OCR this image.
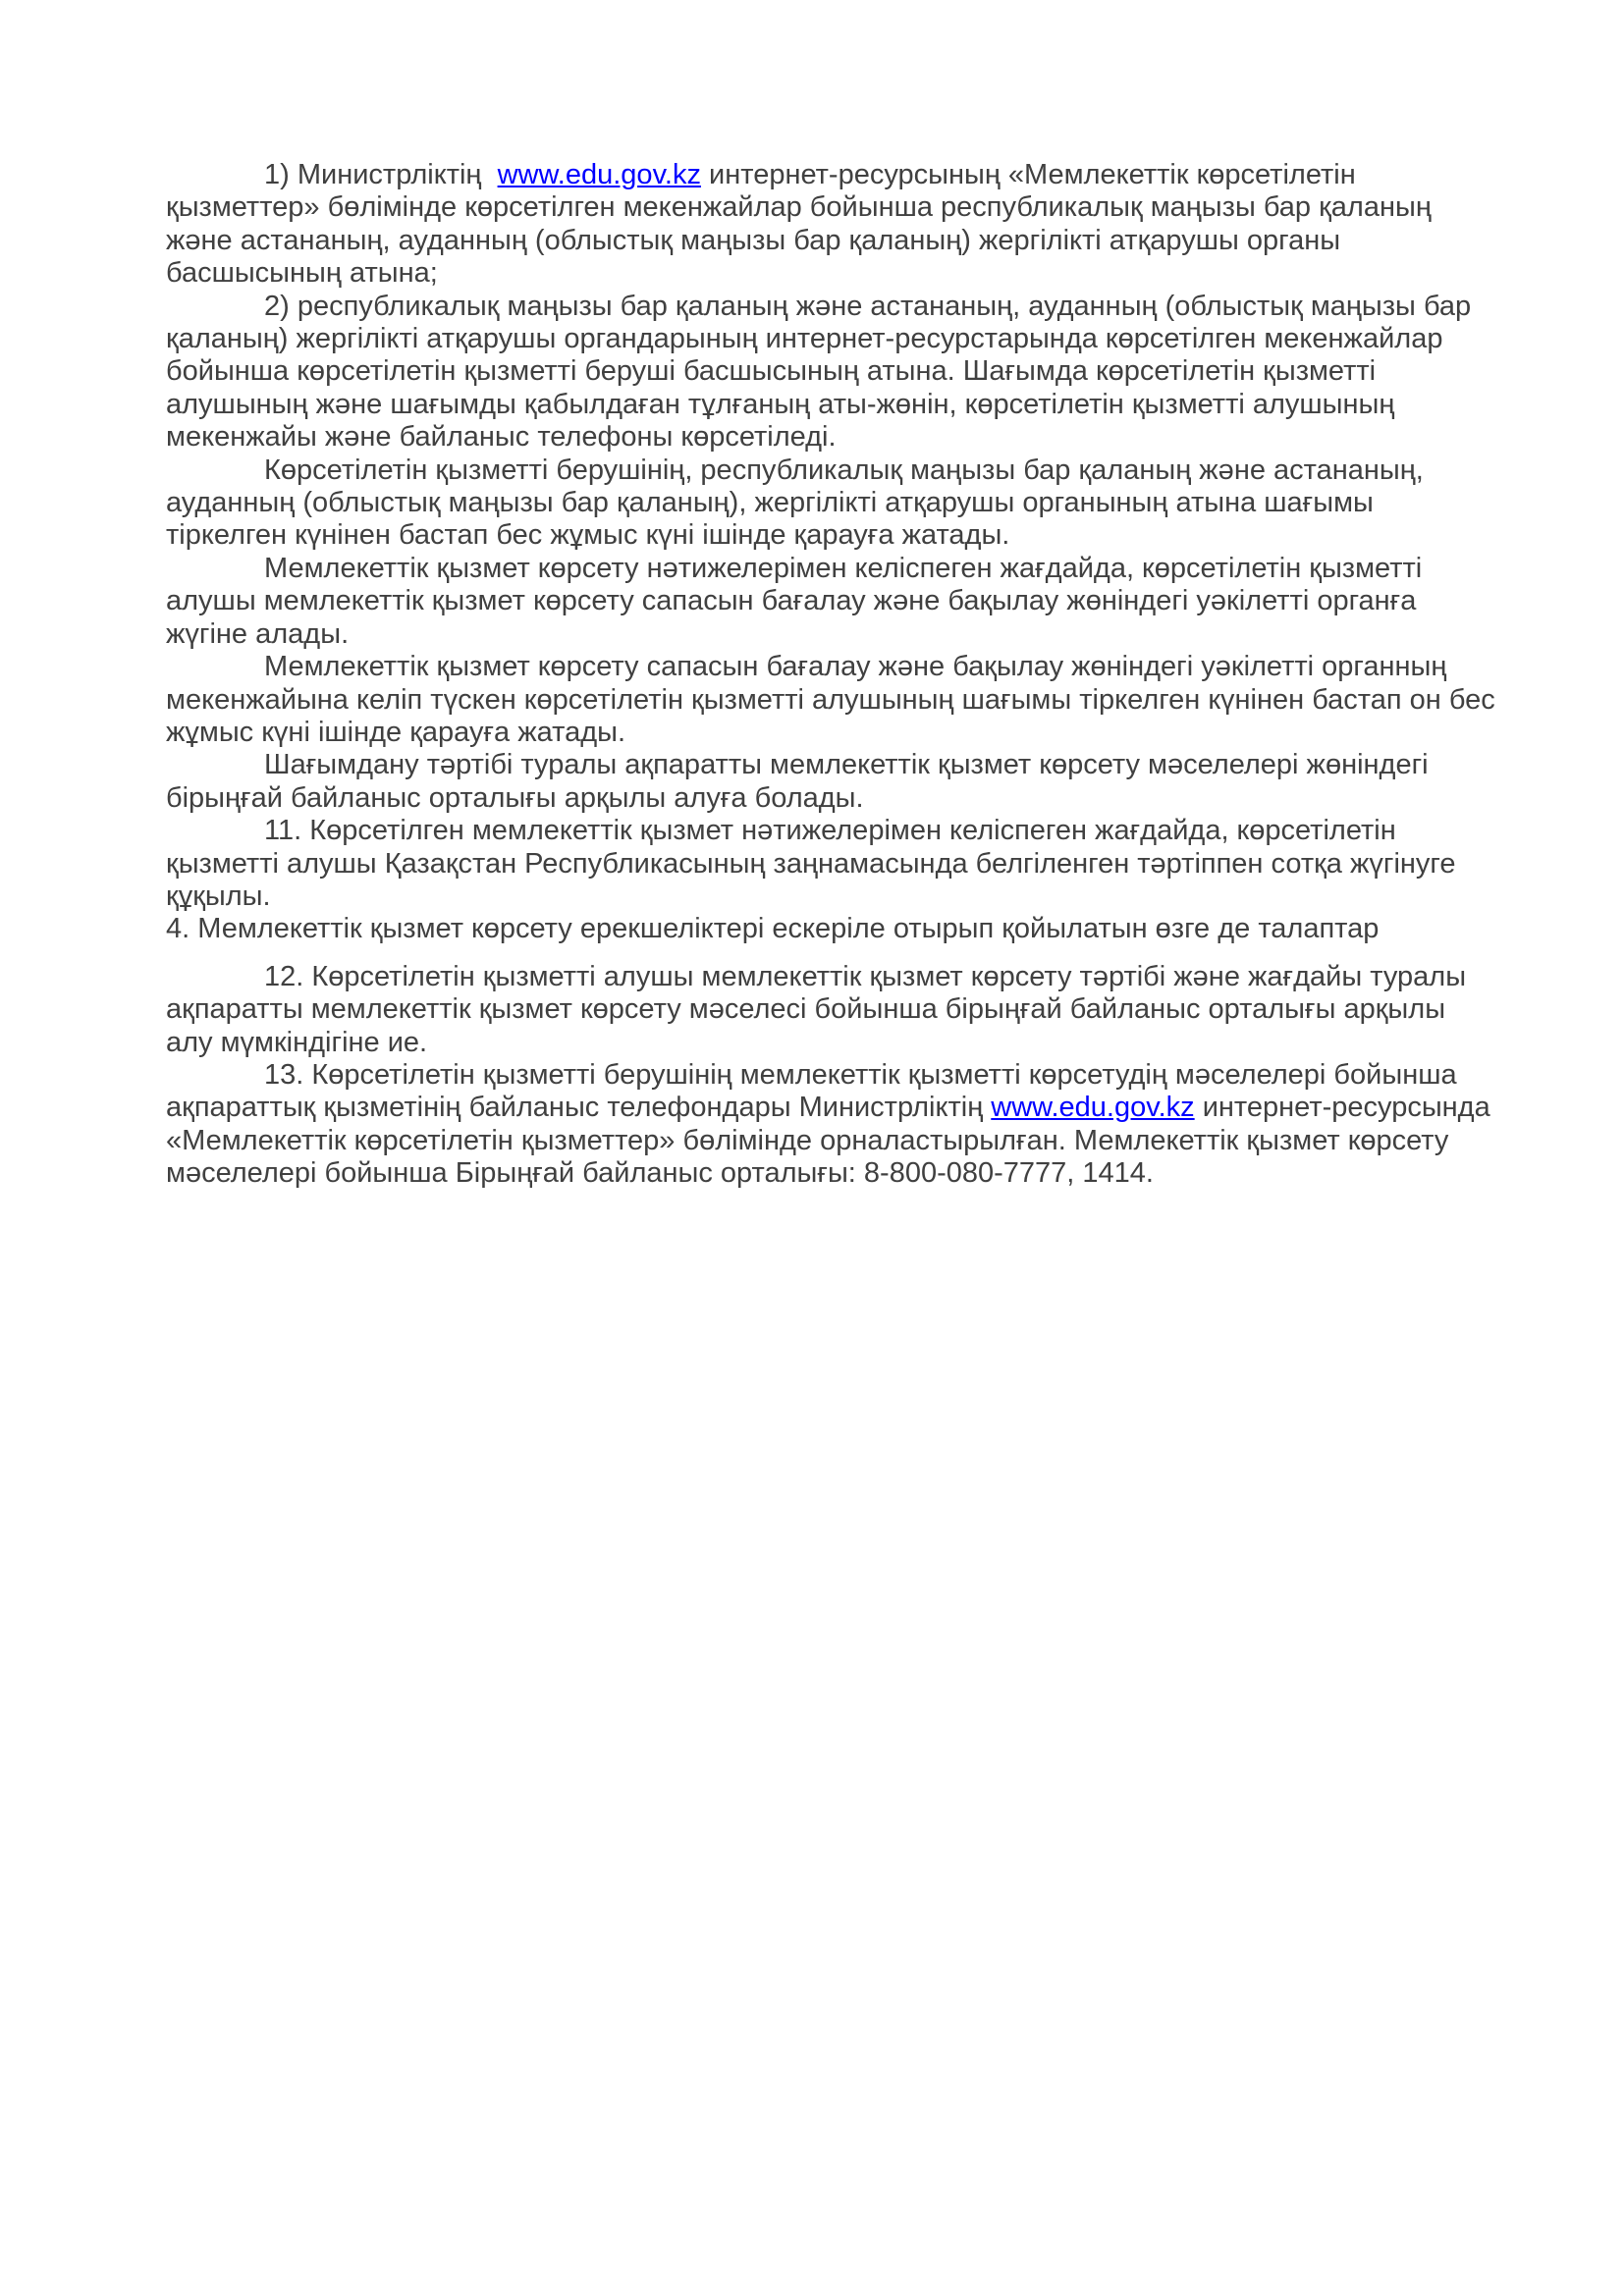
1) Министрліктің  www.edu.gov.kz интернет-ресурсының «Мемлекеттік көрсетілетін қызметтер» бөлімінде көрсетілген мекенжайлар бойынша республикалық маңызы бар қаланың және астананың, ауданның (облыстық маңызы бар қаланың) жергілікті атқарушы органы басшысының атына;

2) республикалық маңызы бар қаланың және астананың, ауданның (облыстық маңызы бар қаланың) жергілікті атқарушы органдарының интернет-ресурстарында көрсетілген мекенжайлар бойынша көрсетілетін қызметті беруші басшысының атына. Шағымда көрсетілетін қызметті алушының және шағымды қабылдаған тұлғаның аты-жөнін, көрсетілетін қызметті алушының мекенжайы және байланыс телефоны көрсетіледі.

Көрсетілетін қызметті берушінің, республикалық маңызы бар қаланың және астананың, ауданның (облыстық маңызы бар қаланың), жергілікті атқарушы органының атына шағымы тіркелген күнінен бастап бес жұмыс күні ішінде қарауға жатады.

Мемлекеттік қызмет көрсету нәтижелерімен келіспеген жағдайда, көрсетілетін қызметті алушы мемлекеттік қызмет көрсету сапасын бағалау және бақылау жөніндегі уәкілетті органға жүгіне алады.

Мемлекеттік қызмет көрсету сапасын бағалау және бақылау жөніндегі уәкілетті органның мекенжайына келіп түскен көрсетілетін қызметті алушының шағымы тіркелген күнінен бастап он бес жұмыс күні ішінде қарауға жатады.

Шағымдану тәртібі туралы ақпаратты мемлекеттік қызмет көрсету мәселелері жөніндегі бірыңғай байланыс орталығы арқылы алуға болады.

11. Көрсетілген мемлекеттік қызмет нәтижелерімен келіспеген жағдайда, көрсетілетін қызметті алушы Қазақстан Республикасының заңнамасында белгіленген тәртіппен сотқа жүгінуге құқылы.

4. Мемлекеттік қызмет көрсету ерекшеліктері ескеріле отырып қойылатын өзге де талаптар

12. Көрсетілетін қызметті алушы мемлекеттік қызмет көрсету тәртібі және жағдайы туралы ақпаратты мемлекеттік қызмет көрсету мәселесі бойынша бірыңғай байланыс орталығы арқылы алу мүмкіндігіне ие.

13. Көрсетілетін қызметті берушінің мемлекеттік қызметті көрсетудің мәселелері бойынша ақпараттық қызметінің байланыс телефондары Министрліктің www.edu.gov.kz интернет-ресурсында «Мемлекеттік көрсетілетін қызметтер» бөлімінде орналастырылған. Мемлекеттік қызмет көрсету мәселелері бойынша Бірыңғай байланыс орталығы: 8-800-080-7777, 1414.
